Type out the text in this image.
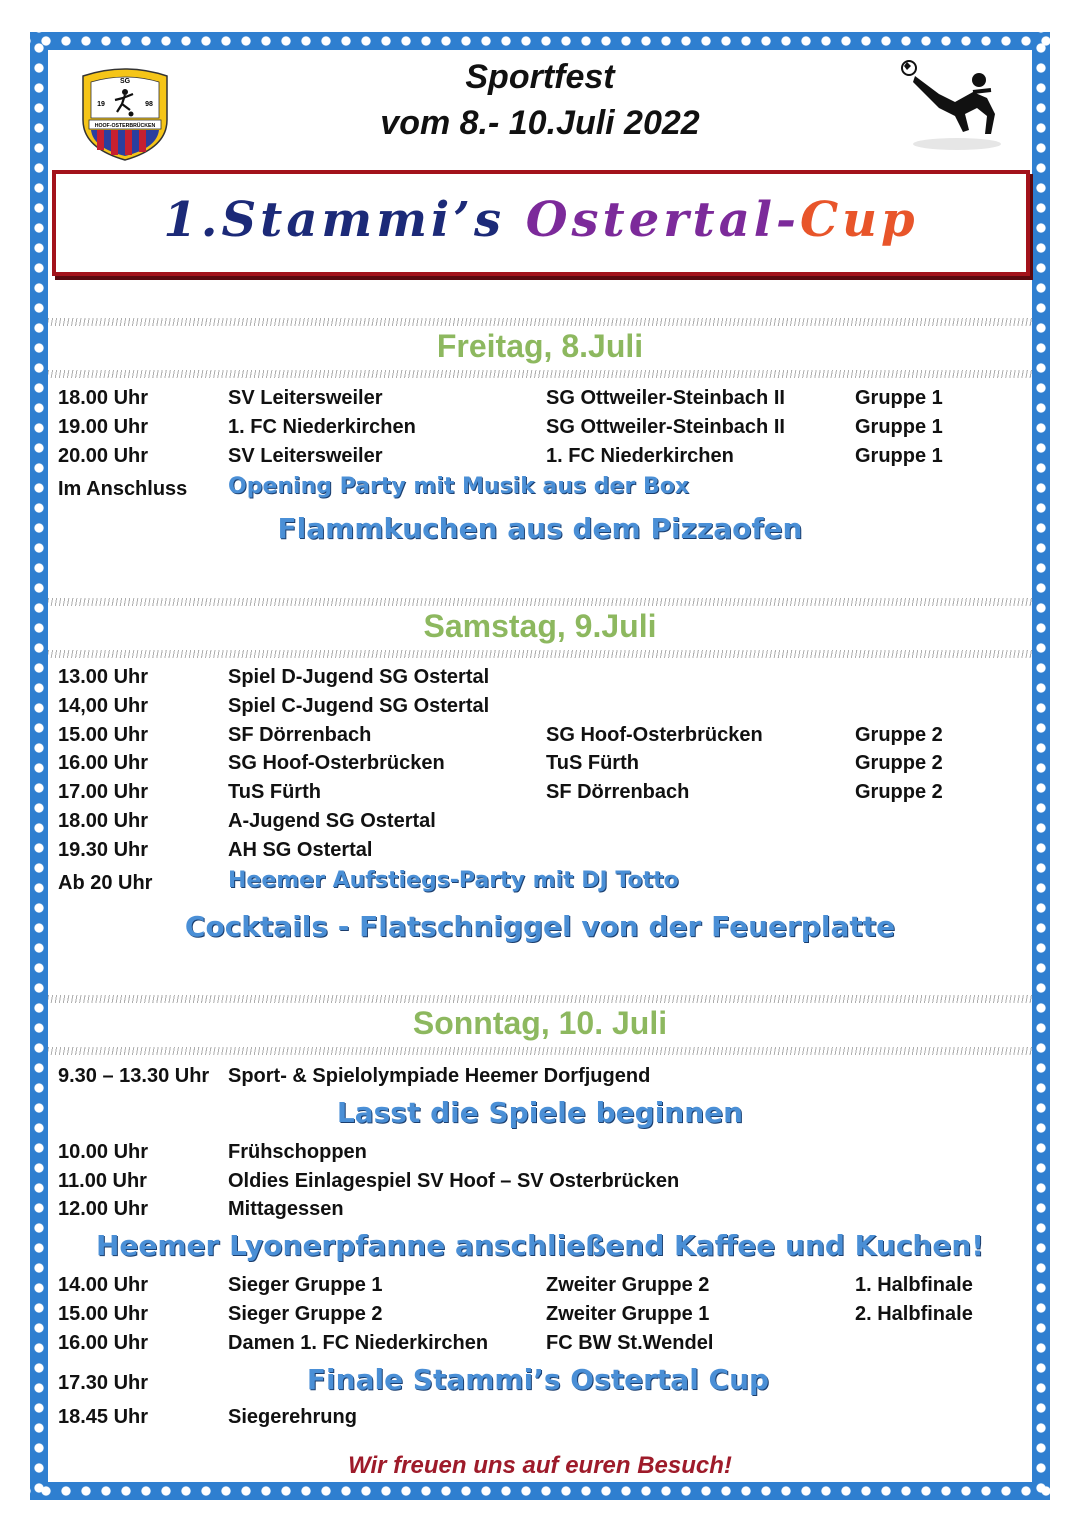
SG
19	98
HOOF-OSTERBRÜCKEN
Sportfest
vom 8.- 10.Juli 2022
1.Stammi’s Ostertal-Cup
Freitag, 8.Juli
18.00 Uhr	SV Leitersweiler	SG Ottweiler-Steinbach II	Gruppe 1
19.00 Uhr	1. FC Niederkirchen	SG Ottweiler-Steinbach II	Gruppe 1
20.00 Uhr	SV Leitersweiler	1. FC Niederkirchen	Gruppe 1
Im Anschluss Opening Party mit Musik aus der Box
Flammkuchen aus dem Pizzaofen
Samstag, 9.Juli
13.00 Uhr	Spiel D-Jugend SG Ostertal
14,00 Uhr	Spiel C-Jugend SG Ostertal
15.00 Uhr	SF Dörrenbach	SG Hoof-Osterbrücken	Gruppe 2
16.00 Uhr	SG Hoof-Osterbrücken	TuS Fürth	Gruppe 2
17.00 Uhr	TuS Fürth	SF Dörrenbach	Gruppe 2
18.00 Uhr	A-Jugend SG Ostertal
19.30 Uhr	AH SG Ostertal
Ab 20 Uhr	Heemer Aufstiegs-Party mit DJ Totto
Cocktails - Flatschniggel von der Feuerplatte
Sonntag, 10. Juli
9.30 – 13.30 Uhr Sport- & Spielolympiade Heemer Dorfjugend
Lasst die Spiele beginnen
10.00 Uhr	Frühschoppen
11.00 Uhr	Oldies Einlagespiel SV Hoof – SV Osterbrücken
12.00 Uhr	Mittagessen
Heemer Lyonerpfanne anschließend Kaffee und Kuchen!
14.00 Uhr	Sieger Gruppe 1	Zweiter Gruppe 2	1. Halbfinale
15.00 Uhr	Sieger Gruppe 2	Zweiter Gruppe 1	2. Halbfinale
16.00 Uhr	Damen 1. FC Niederkirchen	FC BW St.Wendel
17.30 Uhr	Finale Stammi’s Ostertal Cup
18.45 Uhr	Siegerehrung
Wir freuen uns auf euren Besuch!
